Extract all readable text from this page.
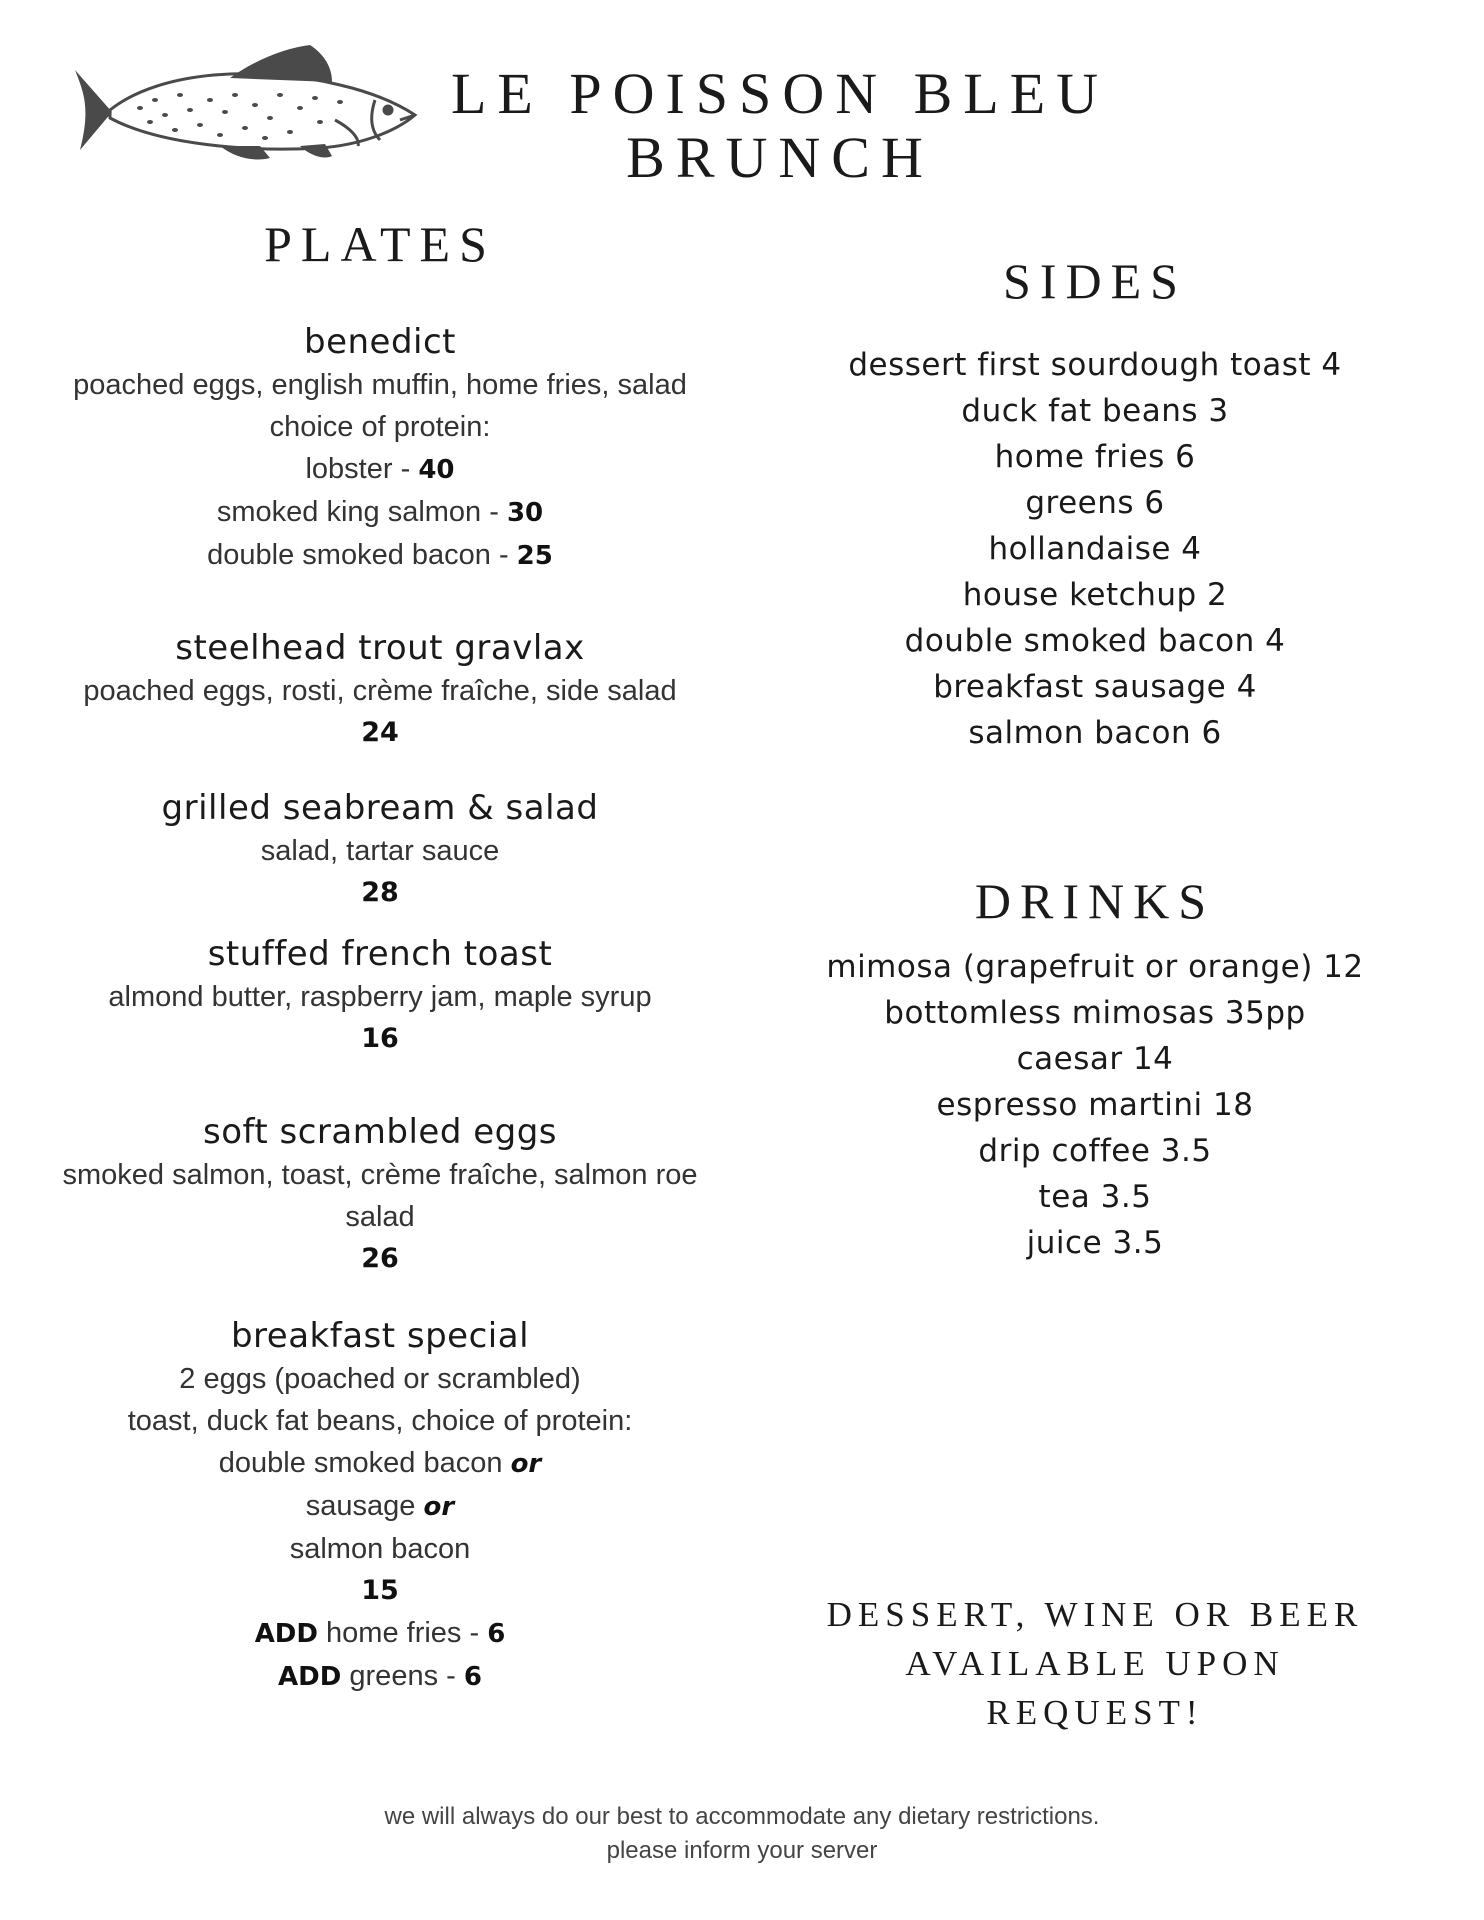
LE POISSON BLEU
BRUNCH
PLATES
benedict
poached eggs, english muffin, home fries, salad
choice of protein:
lobster - 40
smoked king salmon - 30
double smoked bacon - 25
steelhead trout gravlax
poached eggs, rosti, crème fraîche, side salad
24
grilled seabream & salad
salad, tartar sauce
28
stuffed french toast
almond butter, raspberry jam, maple syrup
16
soft scrambled eggs
smoked salmon, toast, crème fraîche, salmon roe
salad
26
breakfast special
2 eggs (poached or scrambled)
toast, duck fat beans, choice of protein:
double smoked bacon or
sausage or
salmon bacon
15
ADD home fries - 6
ADD greens - 6
SIDES
dessert first sourdough toast 4
duck fat beans 3
home fries 6
greens 6
hollandaise 4
house ketchup 2
double smoked bacon 4
breakfast sausage 4
salmon bacon 6
DRINKS
mimosa (grapefruit or orange) 12
bottomless mimosas 35pp
caesar 14
espresso martini 18
drip coffee 3.5
tea 3.5
juice 3.5
DESSERT, WINE OR BEER
AVAILABLE UPON
REQUEST!
we will always do our best to accommodate any dietary restrictions.
please inform your server
